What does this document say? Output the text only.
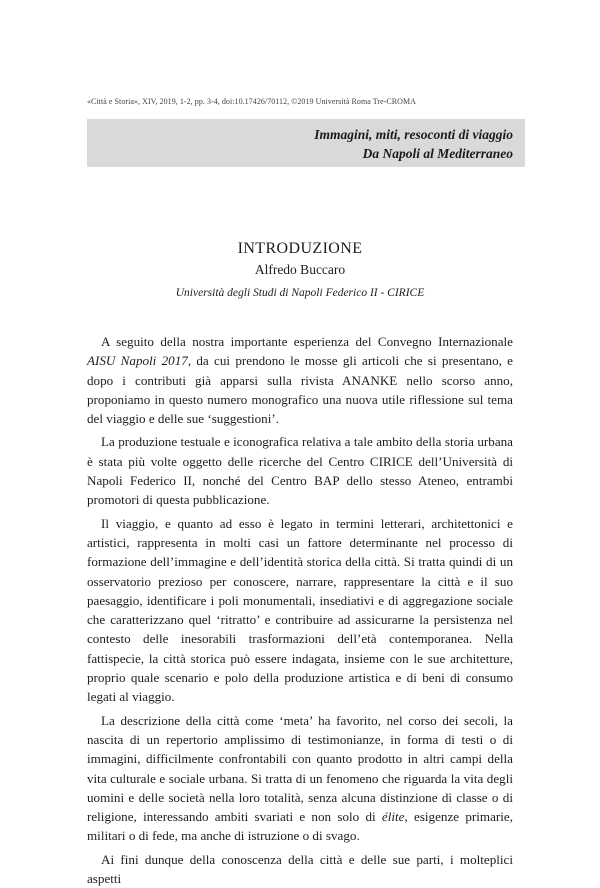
«Città e Storia», XIV, 2019, 1-2, pp. 3-4, doi:10.17426/70112, ©2019 Università Roma Tre-CROMA
Immagini, miti, resoconti di viaggio
Da Napoli al Mediterraneo
INTRODUZIONE
Alfredo Buccaro
Università degli Studi di Napoli Federico II - CIRICE

A seguito della nostra importante esperienza del Convegno Internazionale AISU Napoli 2017, da cui prendono le mosse gli articoli che si presentano, e dopo i contributi già apparsi sulla rivista ANANKE nello scorso anno, proponiamo in questo numero monografico una nuova utile riflessione sul tema del viaggio e delle sue ‘suggestioni’.

La produzione testuale e iconografica relativa a tale ambito della storia urbana è stata più volte oggetto delle ricerche del Centro CIRICE dell’Università di Napoli Federico II, nonché del Centro BAP dello stesso Ateneo, entrambi promotori di questa pubblicazione.

Il viaggio, e quanto ad esso è legato in termini letterari, architettonici e artistici, rappresenta in molti casi un fattore determinante nel processo di formazione dell’immagine e dell’identità storica della città. Si tratta quindi di un osservatorio prezioso per conoscere, narrare, rappresentare la città e il suo paesaggio, identificare i poli monumentali, insediativi e di aggregazione sociale che caratterizzano quel ‘ritratto’ e contribuire ad assicurarne la persistenza nel contesto delle inesorabili trasformazioni dell’età contemporanea. Nella fattispecie, la città storica può essere indagata, insieme con le sue architetture, proprio quale scenario e polo della produzione artistica e di beni di consumo legati al viaggio.

La descrizione della città come ‘meta’ ha favorito, nel corso dei secoli, la nascita di un repertorio amplissimo di testimonianze, in forma di testi o di immagini, difficilmente confrontabili con quanto prodotto in altri campi della vita culturale e sociale urbana. Si tratta di un fenomeno che riguarda la vita degli uomini e delle società nella loro totalità, senza alcuna distinzione di classe o di religione, interessando ambiti svariati e non solo di élite, esigenze primarie, militari o di fede, ma anche di istruzione o di svago.

Ai fini dunque della conoscenza della città e delle sue parti, i molteplici aspetti
